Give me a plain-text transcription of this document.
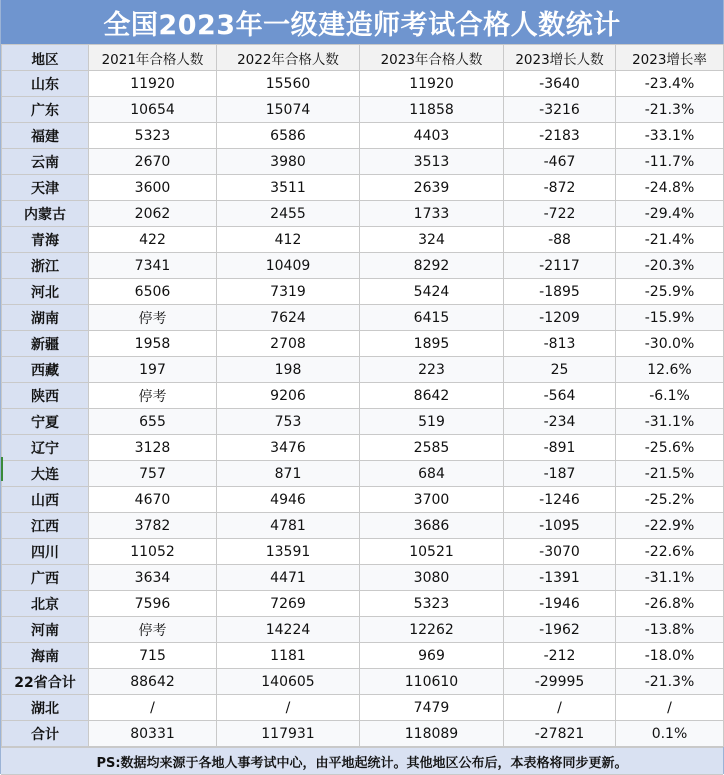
全国2023年一级建造师考试合格人数统计
地区	2021年合格人数	2022年合格人数	2023年合格人数	2023增长人数	2023增长率
山东	11920	15560	11920	-3640	-23.4%
广东	10654	15074	11858	-3216	-21.3%
福建	5323	6586	4403	-2183	-33.1%
云南	2670	3980	3513	-467	-11.7%
天津	3600	3511	2639	-872	-24.8%
内蒙古	2062	2455	1733	-722	-29.4%
青海	422	412	324	-88	-21.4%
浙江	7341	10409	8292	-2117	-20.3%
河北	6506	7319	5424	-1895	-25.9%
湖南	停考	7624	6415	-1209	-15.9%
新疆	1958	2708	1895	-813	-30.0%
西藏	197	198	223	25	12.6%
陕西	停考	9206	8642	-564	-6.1%
宁夏	655	753	519	-234	-31.1%
辽宁	3128	3476	2585	-891	-25.6%
大连	757	871	684	-187	-21.5%
山西	4670	4946	3700	-1246	-25.2%
江西	3782	4781	3686	-1095	-22.9%
四川	11052	13591	10521	-3070	-22.6%
广西	3634	4471	3080	-1391	-31.1%
北京	7596	7269	5323	-1946	-26.8%
河南	停考	14224	12262	-1962	-13.8%
海南	715	1181	969	-212	-18.0%
22省合计	88642	140605	110610	-29995	-21.3%
湖北	/	/	7479	/	/
合计	80331	117931	118089	-27821	0.1%
PS:数据均来源于各地人事考试中心，由平地起统计。其他地区公布后，本表格将同步更新。
